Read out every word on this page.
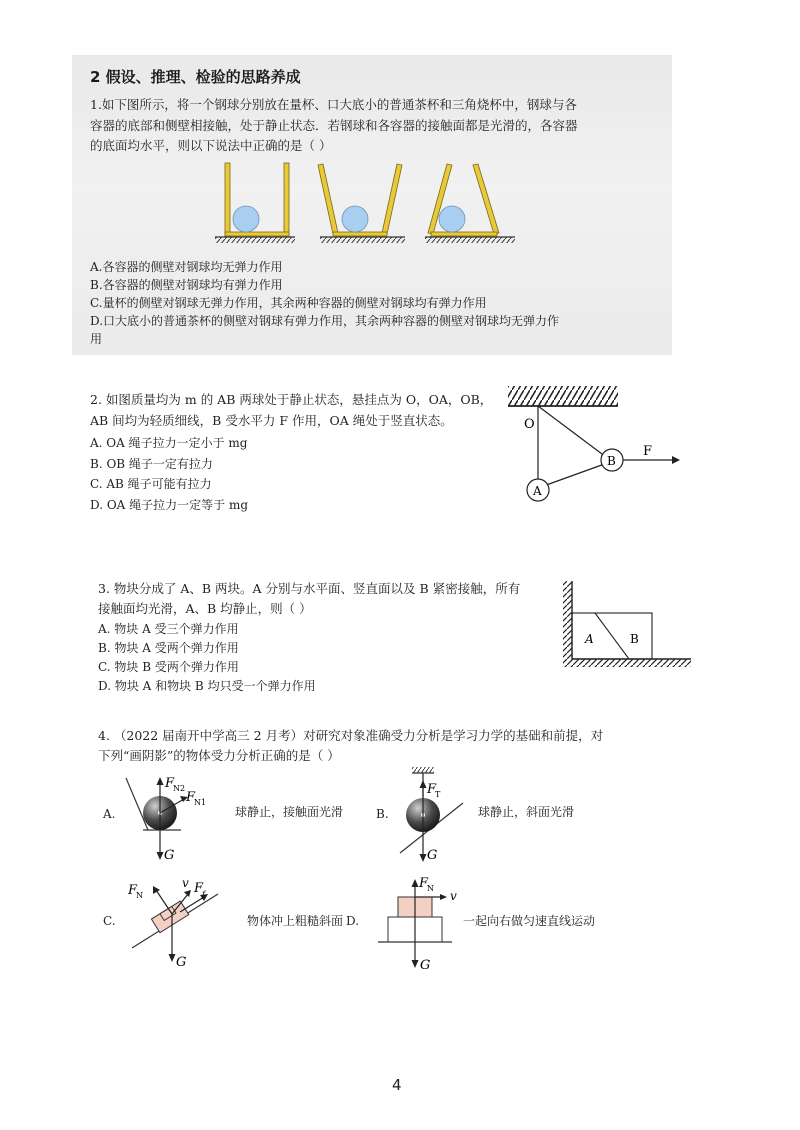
2 假设、推理、检验的思路养成
1.如下图所示，将一个钢球分别放在量杯、口大底小的普通茶杯和三角烧杯中，钢球与各
容器的底部和侧壁相接触，处于静止状态．若钢球和各容器的接触面都是光滑的，各容器
的底面均水平，则以下说法中正确的是（ ）
A.各容器的侧壁对钢球均无弹力作用
B.各容器的侧壁对钢球均有弹力作用
C.量杯的侧壁对钢球无弹力作用，其余两种容器的侧壁对钢球均有弹力作用
D.口大底小的普通茶杯的侧壁对钢球有弹力作用，其余两种容器的侧壁对钢球均无弹力作
用
2. 如图质量均为 m 的 AB 两球处于静止状态，悬挂点为 O，OA，OB，
AB 间均为轻质细线，B 受水平力 F 作用，OA 绳处于竖直状态。
A. OA 绳子拉力一定小于 mg
B. OB 绳子一定有拉力
C. AB 绳子可能有拉力
D. OA 绳子拉力一定等于 mg
O
A
B
F
3. 物块分成了 A、B 两块。A 分别与水平面、竖直面以及 B 紧密接触，所有
接触面均光滑，A、B 均静止，则（ ）
A. 物块 A 受三个弹力作用
B. 物块 A 受两个弹力作用
C. 物块 B 受两个弹力作用
D. 物块 A 和物块 B 均只受一个弹力作用
A	B
4. （2022 届南开中学高三 2 月考）对研究对象准确受力分析是学习力学的基础和前提，对
下列“画阴影”的物体受力分析正确的是（ ）
A.
G
F
N2
F
N1
球静止，接触面光滑	B.
F
T
G
球静止，斜面光滑
C.
F
N
v F
f
G
物体冲上粗糙斜面 D.
F
N
v
G
一起向右做匀速直线运动
4
